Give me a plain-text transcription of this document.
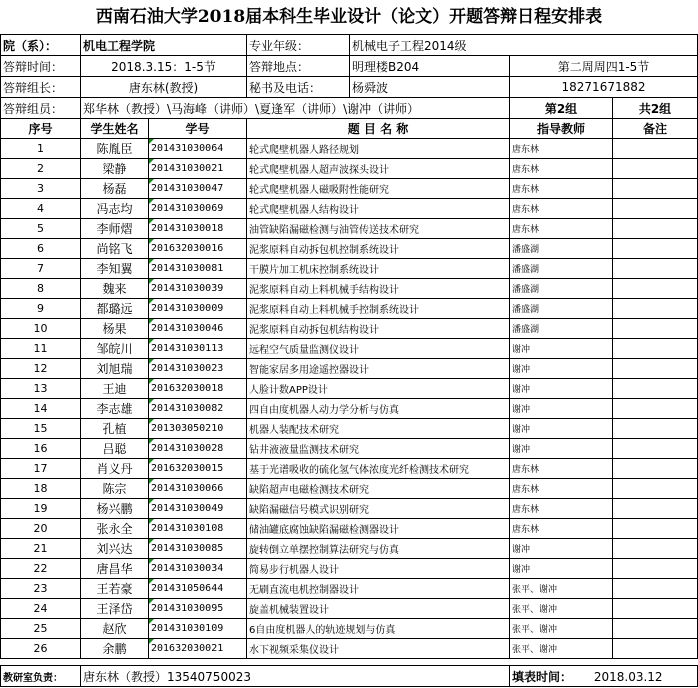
西南石油大学2018届本科生毕业设计（论文）开题答辩日程安排表
院（系）：	机电工程学院	专业年级：	机械电子工程2014级	
答辩时间：	2018.3.15：1-5节	答辩地点：	明理楼B204	第二周周四1-5节
答辩组长：	唐东林(教授)	秘书及电话：	杨舜波	18271671882
答辩组员：	郑华林（教授）\马海峰（讲师）\夏逢军（讲师）\谢冲（讲师）	第2组	共2组
序号	学生姓名	学号	题 目 名 称	指导教师	备注
1	陈胤臣	201431030064	轮式爬壁机器人路径规划	唐东林	
2	梁静	201431030021	轮式爬壁机器人超声波探头设计	唐东林	
3	杨磊	201431030047	轮式爬壁机器人磁吸附性能研究	唐东林	
4	冯志均	201431030069	轮式爬壁机器人结构设计	唐东林	
5	李师熠	201431030018	油管缺陷漏磁检测与油管传送技术研究	唐东林	
6	尚铭飞	201632030016	泥浆原料自动拆包机控制系统设计	潘盛湖	
7	李知翼	201431030081	干膜片加工机床控制系统设计	潘盛湖	
8	魏来	201431030039	泥浆原料自动上料机械手结构设计	潘盛湖	
9	都璐远	201431030009	泥浆原料自动上料机械手控制系统设计	潘盛湖	
10	杨果	201431030046	泥浆原料自动拆包机结构设计	潘盛湖	
11	邹皖川	201431030113	远程空气质量监测仪设计	谢冲	
12	刘旭瑞	201431030023	智能家居多用途遥控器设计	谢冲	
13	王迪	201632030018	人脸计数APP设计	谢冲	
14	李志雄	201431030082	四自由度机器人动力学分析与仿真	谢冲	
15	孔植	201303050210	机器人装配技术研究	谢冲	
16	吕聪	201431030028	钻井液液量监测技术研究	谢冲	
17	肖义丹	201632030015	基于光谱吸收的硫化氢气体浓度光纤检测技术研究	唐东林	
18	陈宗	201431030066	缺陷超声电磁检测技术研究	唐东林	
19	杨兴鹏	201431030049	缺陷漏磁信号模式识别研究	唐东林	
20	张永全	201431030108	储油罐底腐蚀缺陷漏磁检测器设计	唐东林	
21	刘兴达	201431030085	旋转倒立单摆控制算法研究与仿真	谢冲	
22	唐昌华	201431030034	简易步行机器人设计	谢冲	
23	王若豪	201431050644	无刷直流电机控制器设计	张平、谢冲	
24	王泽岱	201431030095	旋盖机械装置设计	张平、谢冲	
25	赵欣	201431030109	6自由度机器人的轨迹规划与仿真	张平、谢冲	
26	余鹏	201632030021	水下视频采集仪设计	张平、谢冲	
教研室负责：	唐东林（教授）13540750023	填表时间： 2018.03.12
